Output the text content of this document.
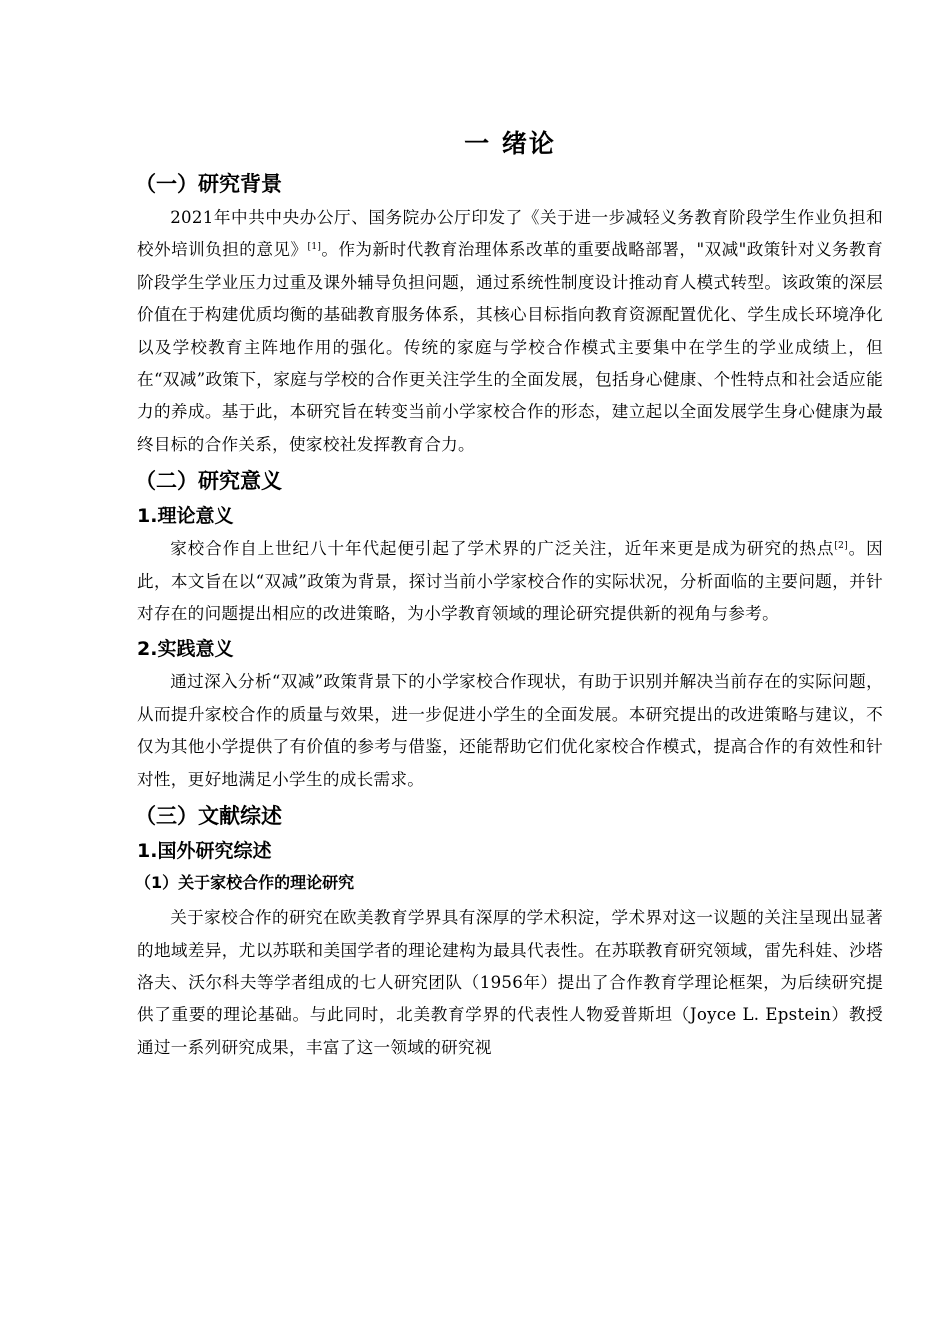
一 绪论
（一）研究背景

2021年中共中央办公厅、国务院办公厅印发了《关于进一步减轻义务教育阶段学生作业负担和校外培训负担的意见》[1]。作为新时代教育治理体系改革的重要战略部署，"双减"政策针对义务教育阶段学生学业压力过重及课外辅导负担问题，通过系统性制度设计推动育人模式转型。该政策的深层价值在于构建优质均衡的基础教育服务体系，其核心目标指向教育资源配置优化、学生成长环境净化以及学校教育主阵地作用的强化。传统的家庭与学校合作模式主要集中在学生的学业成绩上，但在“双减”政策下，家庭与学校的合作更关注学生的全面发展，包括身心健康、个性特点和社会适应能力的养成。基于此，本研究旨在转变当前小学家校合作的形态，建立起以全面发展学生身心健康为最终目标的合作关系，使家校社发挥教育合力。

（二）研究意义
1.理论意义

家校合作自上世纪八十年代起便引起了学术界的广泛关注，近年来更是成为研究的热点[2]。因此，本文旨在以“双减”政策为背景，探讨当前小学家校合作的实际状况，分析面临的主要问题，并针对存在的问题提出相应的改进策略，为小学教育领域的理论研究提供新的视角与参考。

2.实践意义

通过深入分析“双减”政策背景下的小学家校合作现状，有助于识别并解决当前存在的实际问题，从而提升家校合作的质量与效果，进一步促进小学生的全面发展。本研究提出的改进策略与建议，不仅为其他小学提供了有价值的参考与借鉴，还能帮助它们优化家校合作模式，提高合作的有效性和针对性，更好地满足小学生的成长需求。

（三）文献综述
1.国外研究综述
（1）关于家校合作的理论研究

关于家校合作的研究在欧美教育学界具有深厚的学术积淀，学术界对这一议题的关注呈现出显著的地域差异，尤以苏联和美国学者的理论建构为最具代表性。在苏联教育研究领域，雷先科娃、沙塔洛夫、沃尔科夫等学者组成的七人研究团队（1956年）提出了合作教育学理论框架，为后续研究提供了重要的理论基础。与此同时，北美教育学界的代表性人物爱普斯坦（Joyce L. Epstein）教授通过一系列研究成果，丰富了这一领域的研究视
